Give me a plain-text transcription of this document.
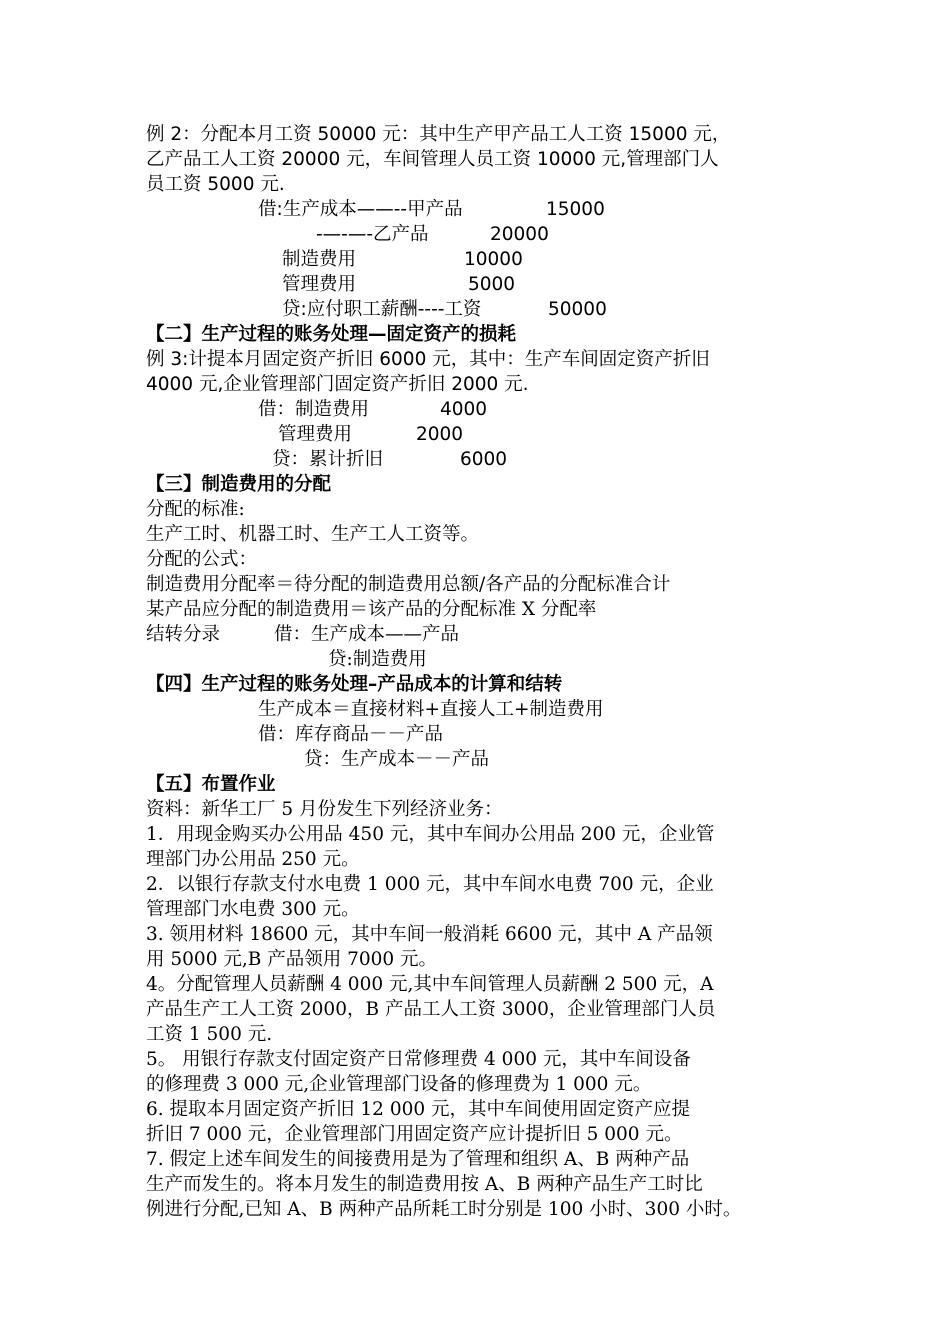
例 2：分配本月工资 50000 元：其中生产甲产品工人工资 15000 元，
乙产品工人工资 20000 元，车间管理人员工资 10000 元,管理部门人
员工资 5000 元.
借:生产成本——--甲产品	15000
-—-—-乙产品	20000
制造费用	10000
管理费用	5000
贷:应付职工薪酬----工资	50000
【二】生产过程的账务处理—固定资产的损耗
例 3:计提本月固定资产折旧 6000 元，其中：生产车间固定资产折旧
4000 元,企业管理部门固定资产折旧 2000 元.
借：制造费用	4000
管理费用	2000
贷：累计折旧	6000
【三】制造费用的分配
分配的标准:
生产工时、机器工时、生产工人工资等。
分配的公式：
制造费用分配率＝待分配的制造费用总额/各产品的分配标准合计
某产品应分配的制造费用＝该产品的分配标准 X 分配率
结转分录	借：生产成本——产品
贷:制造费用
【四】生产过程的账务处理–产品成本的计算和结转
生产成本＝直接材料+直接人工+制造费用
借：库存商品－－产品
贷：生产成本－－产品
【五】布置作业
资料：新华工厂 5 月份发生下列经济业务：
1．用现金购买办公用品 450 元，其中车间办公用品 200 元，企业管
理部门办公用品 250 元。
2．以银行存款支付水电费 1 000 元，其中车间水电费 700 元，企业
管理部门水电费 300 元。
3. 领用材料 18600 元，其中车间一般消耗 6600 元，其中 A 产品领
用 5000 元,B 产品领用 7000 元。
4。分配管理人员薪酬 4 000 元,其中车间管理人员薪酬 2 500 元，A
产品生产工人工资 2000，B 产品工人工资 3000，企业管理部门人员
工资 1 500 元.
5。 用银行存款支付固定资产日常修理费 4 000 元，其中车间设备
的修理费 3 000 元,企业管理部门设备的修理费为 1 000 元。
6. 提取本月固定资产折旧 12 000 元，其中车间使用固定资产应提
折旧 7 000 元，企业管理部门用固定资产应计提折旧 5 000 元。
7. 假定上述车间发生的间接费用是为了管理和组织 A、B 两种产品
生产而发生的。将本月发生的制造费用按 A、B 两种产品生产工时比
例进行分配,已知 A、B 两种产品所耗工时分别是 100 小时、300 小时。
